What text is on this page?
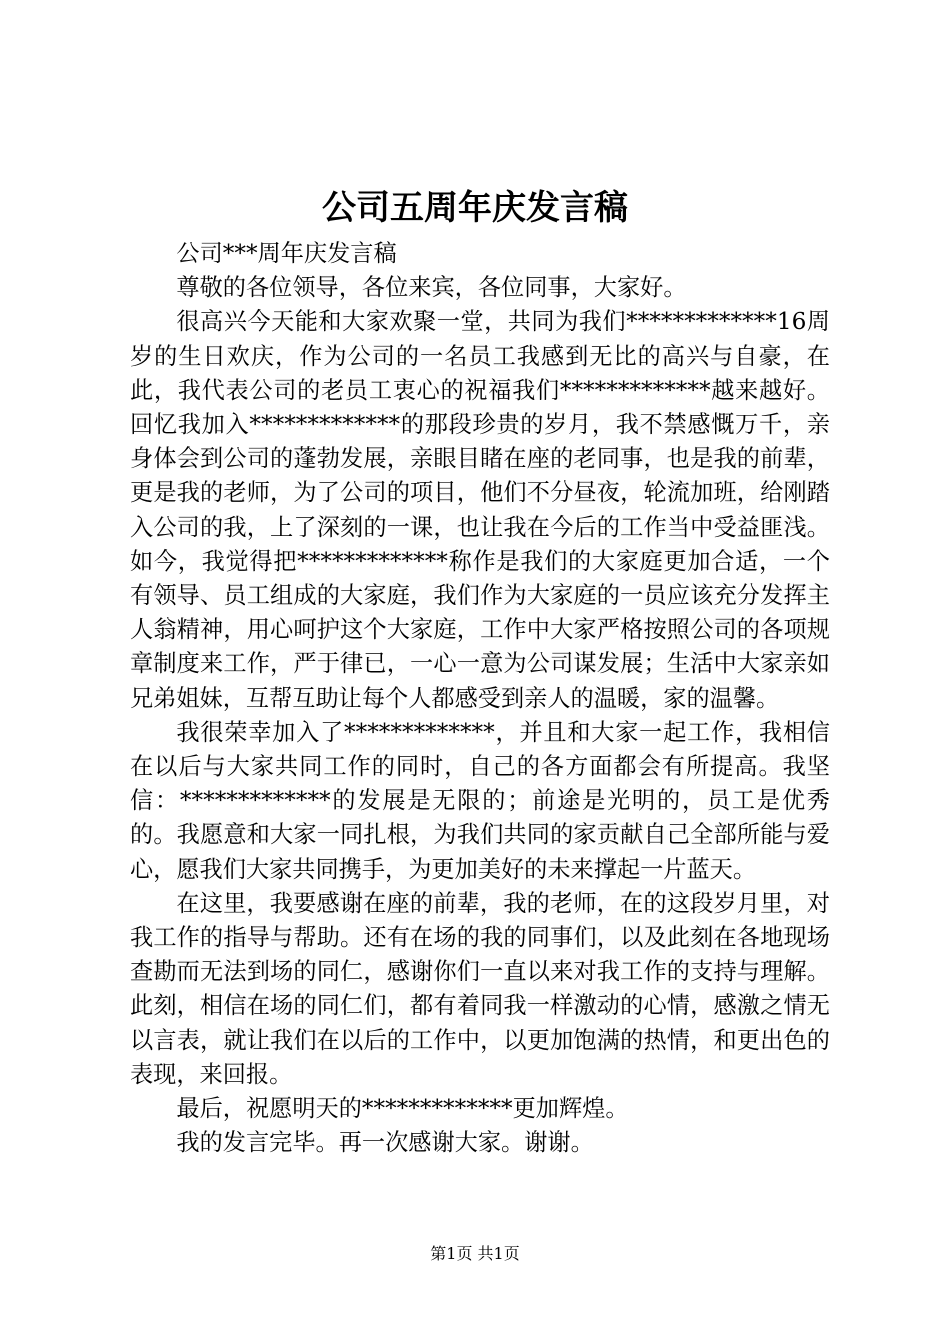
公司五周年庆发言稿

公司***周年庆发言稿

尊敬的各位领导，各位来宾，各位同事，大家好。

很高兴今天能和大家欢聚一堂，共同为我们*************16周岁的生日欢庆，作为公司的一名员工我感到无比的高兴与自豪，在此，我代表公司的老员工衷心的祝福我们*************越来越好。回忆我加入*************的那段珍贵的岁月，我不禁感慨万千，亲身体会到公司的蓬勃发展，亲眼目睹在座的老同事，也是我的前辈，更是我的老师，为了公司的项目，他们不分昼夜，轮流加班，给刚踏入公司的我，上了深刻的一课，也让我在今后的工作当中受益匪浅。如今，我觉得把*************称作是我们的大家庭更加合适，一个有领导、员工组成的大家庭，我们作为大家庭的一员应该充分发挥主人翁精神，用心呵护这个大家庭，工作中大家严格按照公司的各项规章制度来工作，严于律已，一心一意为公司谋发展；生活中大家亲如兄弟姐妹，互帮互助让每个人都感受到亲人的温暖，家的温馨。

我很荣幸加入了*************，并且和大家一起工作，我相信在以后与大家共同工作的同时，自己的各方面都会有所提高。我坚信：*************的发展是无限的；前途是光明的，员工是优秀的。我愿意和大家一同扎根，为我们共同的家贡献自己全部所能与爱心，愿我们大家共同携手，为更加美好的未来撑起一片蓝天。

在这里，我要感谢在座的前辈，我的老师，在的这段岁月里，对我工作的指导与帮助。还有在场的我的同事们，以及此刻在各地现场查勘而无法到场的同仁，感谢你们一直以来对我工作的支持与理解。此刻，相信在场的同仁们，都有着同我一样激动的心情，感激之情无以言表，就让我们在以后的工作中，以更加饱满的热情，和更出色的表现，来回报。

最后，祝愿明天的*************更加辉煌。

我的发言完毕。再一次感谢大家。谢谢。

第1页 共1页
